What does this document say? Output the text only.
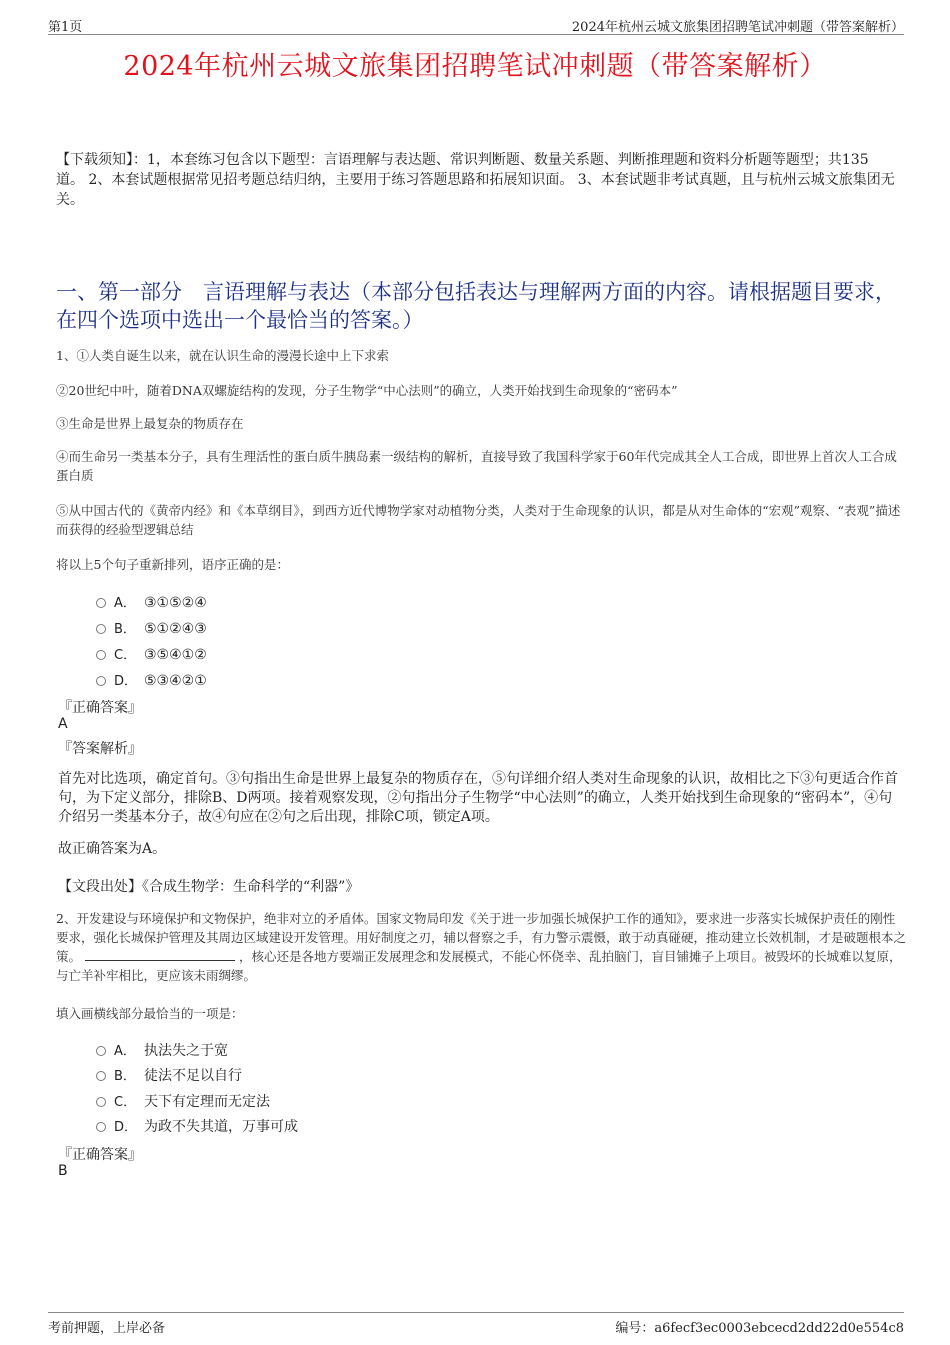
第1页	2024年杭州云城文旅集团招聘笔试冲刺题（带答案解析）
2024年杭州云城文旅集团招聘笔试冲刺题（带答案解析）
【下载须知】：1，本套练习包含以下题型：言语理解与表达题、常识判断题、数量关系题、判断推理题和资料分析题等题型；共135道。 2、本套试题根据常见招考题总结归纳，主要用于练习答题思路和拓展知识面。 3、本套试题非考试真题，且与杭州云城文旅集团无关。
一、第一部分　言语理解与表达（本部分包括表达与理解两方面的内容。请根据题目要求，在四个选项中选出一个最恰当的答案。）
1、①人类自诞生以来，就在认识生命的漫漫长途中上下求索
②20世纪中叶，随着DNA双螺旋结构的发现，分子生物学“中心法则”的确立，人类开始找到生命现象的“密码本”
③生命是世界上最复杂的物质存在
④而生命另一类基本分子，具有生理活性的蛋白质牛胰岛素一级结构的解析，直接导致了我国科学家于60年代完成其全人工合成，即世界上首次人工合成蛋白质
⑤从中国古代的《黄帝内经》和《本草纲目》，到西方近代博物学家对动植物分类，人类对于生命现象的认识，都是从对生命体的“宏观”观察、“表观”描述而获得的经验型逻辑总结
将以上5个句子重新排列，语序正确的是：
A． ③①⑤②④
B． ⑤①②④③
C． ③⑤④①②
D． ⑤③④②①
『正确答案』
A
『答案解析』
首先对比选项，确定首句。③句指出生命是世界上最复杂的物质存在，⑤句详细介绍人类对生命现象的认识，故相比之下③句更适合作首句，为下定义部分，排除B、D两项。接着观察发现，②句指出分子生物学“中心法则”的确立，人类开始找到生命现象的“密码本”，④句介绍另一类基本分子，故④句应在②句之后出现，排除C项，锁定A项。
故正确答案为A。
【文段出处】《合成生物学：生命科学的“利器”》
2、开发建设与环境保护和文物保护，绝非对立的矛盾体。国家文物局印发《关于进一步加强长城保护工作的通知》，要求进一步落实长城保护责任的刚性要求，强化长城保护管理及其周边区域建设开发管理。用好制度之刃，辅以督察之手，有力警示震慑，敢于动真碰硬，推动建立长效机制，才是破题根本之策。	，核心还是各地方要端正发展理念和发展模式，不能心怀侥幸、乱拍脑门，盲目铺摊子上项目。被毁坏的长城难以复原，与亡羊补牢相比，更应该未雨绸缪。
填入画横线部分最恰当的一项是：
A． 执法失之于宽
B． 徒法不足以自行
C． 天下有定理而无定法
D． 为政不失其道，万事可成
『正确答案』
B
考前押题，上岸必备	编号：a6fecf3ec0003ebcecd2dd22d0e554c8
